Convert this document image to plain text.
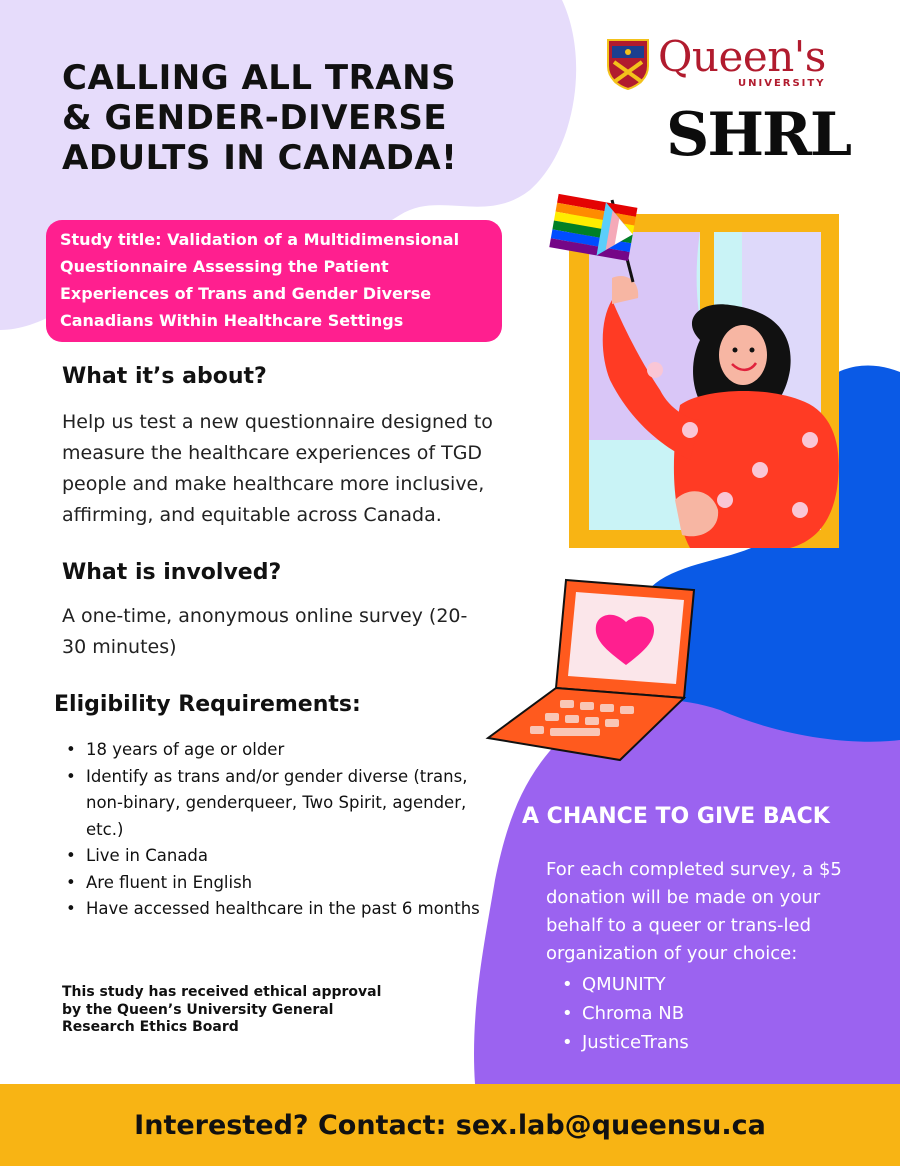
CALLING ALL TRANS
& GENDER-DIVERSE
ADULTS IN CANADA!
Queen's
UNIVERSITY
SHRL
Study title: Validation of a Multidimensional Questionnaire Assessing the Patient Experiences of Trans and Gender Diverse Canadians Within Healthcare Settings
What it’s about?

Help us test a new questionnaire designed to measure the healthcare experiences of TGD people and make healthcare more inclusive, affirming, and equitable across Canada.

What is involved?

A one-time, anonymous online survey (20-30 minutes)

Eligibility Requirements:
• 18 years of age or older
• Identify as trans and/or gender diverse (trans, non-binary, genderqueer, Two Spirit, agender, etc.)
• Live in Canada
• Are fluent in English
• Have accessed healthcare in the past 6 months

This study has received ethical approval by the Queen’s University General Research Ethics Board

A CHANCE TO GIVE BACK

For each completed survey, a $5 donation will be made on your behalf to a queer or trans-led organization of your choice:

• QMUNITY
• Chroma NB
• JusticeTrans
Interested? Contact: sex.lab@queensu.ca
